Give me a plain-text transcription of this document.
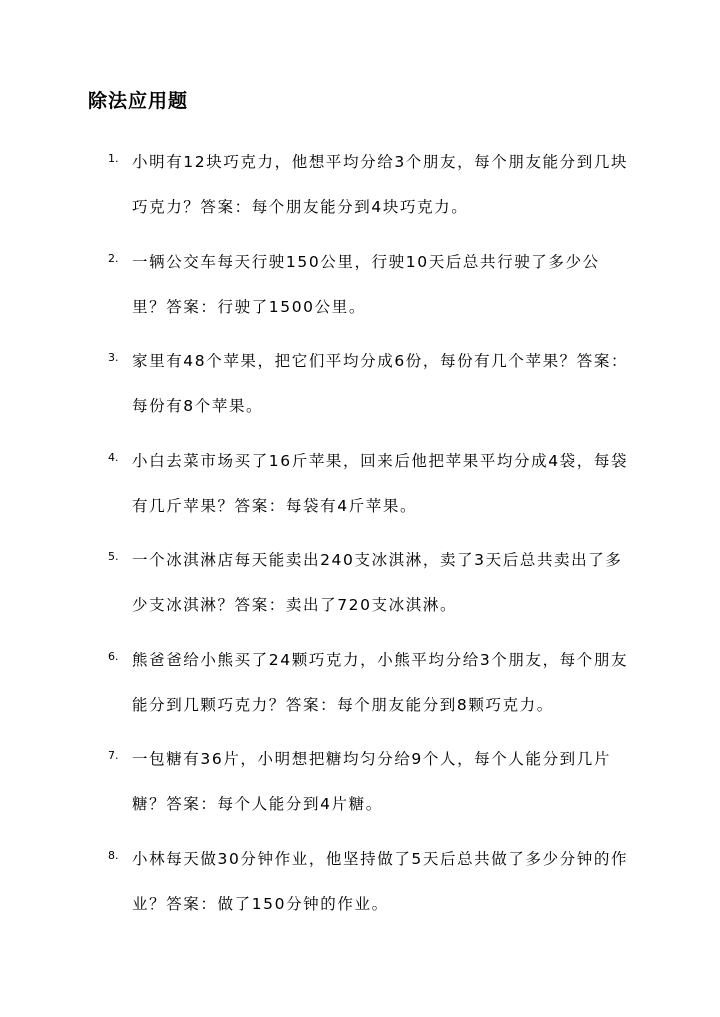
除法应用题
1. 小明有12块巧克力，他想平均分给3个朋友，每个朋友能分到几块巧克力？答案：每个朋友能分到4块巧克力。

2. 一辆公交车每天行驶150公里，行驶10天后总共行驶了多少公里？答案：行驶了1500公里。

3. 家里有48个苹果，把它们平均分成6份，每份有几个苹果？答案：每份有8个苹果。

4. 小白去菜市场买了16斤苹果，回来后他把苹果平均分成4袋，每袋有几斤苹果？答案：每袋有4斤苹果。

5. 一个冰淇淋店每天能卖出240支冰淇淋，卖了3天后总共卖出了多少支冰淇淋？答案：卖出了720支冰淇淋。

6. 熊爸爸给小熊买了24颗巧克力，小熊平均分给3个朋友，每个朋友能分到几颗巧克力？答案：每个朋友能分到8颗巧克力。

7. 一包糖有36片，小明想把糖均匀分给9个人，每个人能分到几片糖？答案：每个人能分到4片糖。

8. 小林每天做30分钟作业，他坚持做了5天后总共做了多少分钟的作业？答案：做了150分钟的作业。
